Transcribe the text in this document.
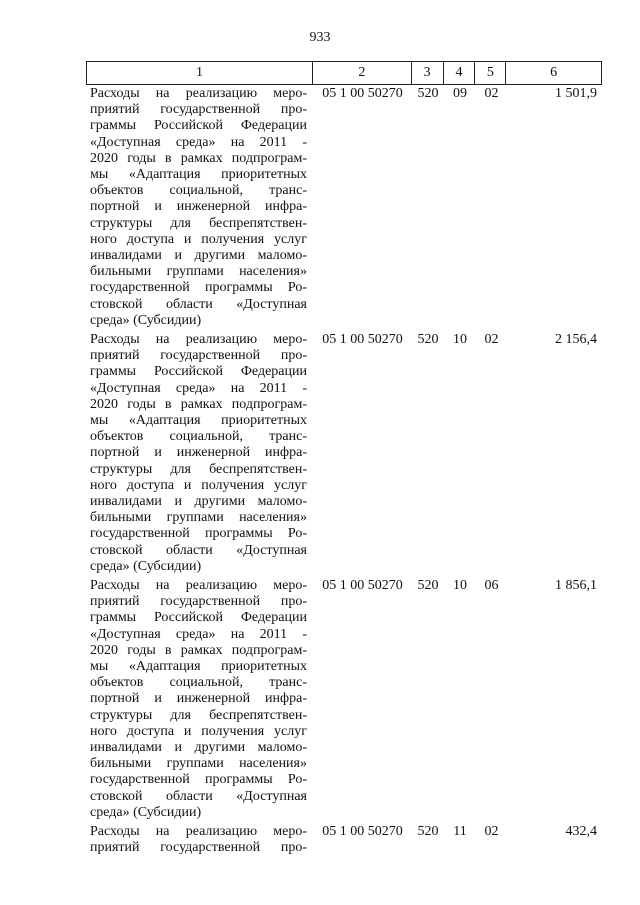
933
1	2	3	4	5	6
Расходы на реализацию меро-
приятий государственной про-
граммы Российской Федерации
«Доступная среда» на 2011 -
2020 годы в рамках подпрограм-
мы «Адаптация приоритетных
объектов социальной, транс-
портной и инженерной инфра-
структуры для беспрепятствен-
ного доступа и получения услуг
инвалидами и другими маломо-
бильными группами населения»
государственной программы Ро-
стовской области «Доступная
среда» (Субсидии)
05 1 00 50270	520	09	02	1 501,9
Расходы на реализацию меро-
приятий государственной про-
граммы Российской Федерации
«Доступная среда» на 2011 -
2020 годы в рамках подпрограм-
мы «Адаптация приоритетных
объектов социальной, транс-
портной и инженерной инфра-
структуры для беспрепятствен-
ного доступа и получения услуг
инвалидами и другими маломо-
бильными группами населения»
государственной программы Ро-
стовской области «Доступная
среда» (Субсидии)
05 1 00 50270	520	10	02	2 156,4
Расходы на реализацию меро-
приятий государственной про-
граммы Российской Федерации
«Доступная среда» на 2011 -
2020 годы в рамках подпрограм-
мы «Адаптация приоритетных
объектов социальной, транс-
портной и инженерной инфра-
структуры для беспрепятствен-
ного доступа и получения услуг
инвалидами и другими маломо-
бильными группами населения»
государственной программы Ро-
стовской области «Доступная
среда» (Субсидии)
05 1 00 50270	520	10	06	1 856,1
Расходы на реализацию меро-
приятий государственной про-
05 1 00 50270	520	11	02	432,4
